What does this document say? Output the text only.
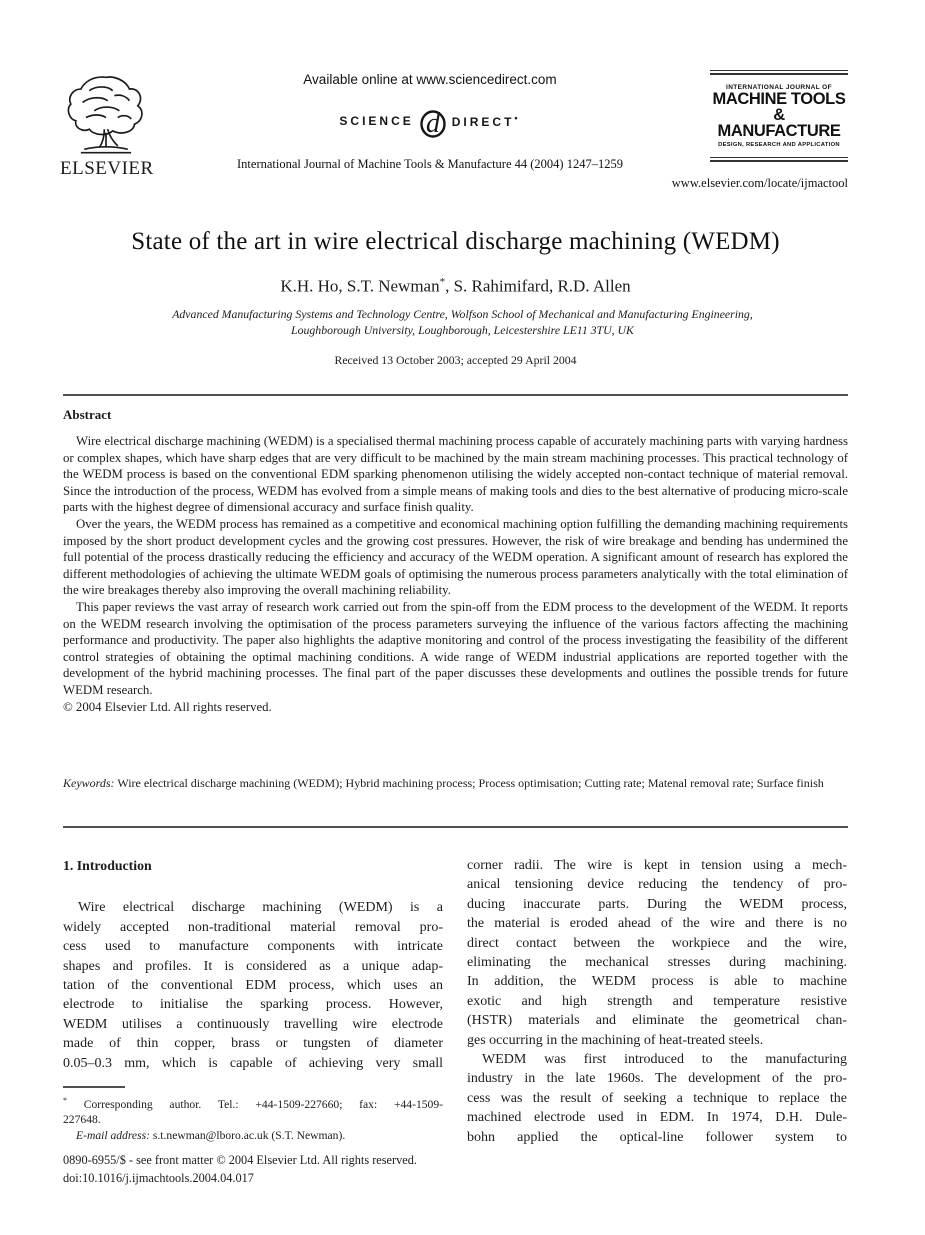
ELSEVIER
Available online at www.sciencedirect.com
SCIENCE d DIRECT•
International Journal of Machine Tools & Manufacture 44 (2004) 1247–1259
INTERNATIONAL JOURNAL OF
MACHINE TOOLS
& MANUFACTURE
DESIGN, RESEARCH AND APPLICATION
www.elsevier.com/locate/ijmactool
State of the art in wire electrical discharge machining (WEDM)
K.H. Ho, S.T. Newman*, S. Rahimifard, R.D. Allen
Advanced Manufacturing Systems and Technology Centre, Wolfson School of Mechanical and Manufacturing Engineering,
Loughborough University, Loughborough, Leicestershire LE11 3TU, UK
Received 13 October 2003; accepted 29 April 2004
Abstract

Wire electrical discharge machining (WEDM) is a specialised thermal machining process capable of accurately machining parts with varying hardness or complex shapes, which have sharp edges that are very difficult to be machined by the main stream machining processes. This practical technology of the WEDM process is based on the conventional EDM sparking phenomenon utilising the widely accepted non-contact technique of material removal. Since the introduction of the process, WEDM has evolved from a simple means of making tools and dies to the best alternative of producing micro-scale parts with the highest degree of dimensional accuracy and surface finish quality.

Over the years, the WEDM process has remained as a competitive and economical machining option fulfilling the demanding machining requirements imposed by the short product development cycles and the growing cost pressures. However, the risk of wire breakage and bending has undermined the full potential of the process drastically reducing the efficiency and accuracy of the WEDM operation. A significant amount of research has explored the different methodologies of achieving the ultimate WEDM goals of optimising the numerous process parameters analytically with the total elimination of the wire breakages thereby also improving the overall machining reliability.

This paper reviews the vast array of research work carried out from the spin-off from the EDM process to the development of the WEDM. It reports on the WEDM research involving the optimisation of the process parameters surveying the influence of the various factors affecting the machining performance and productivity. The paper also highlights the adaptive monitoring and control of the process investigating the feasibility of the different control strategies of obtaining the optimal machining conditions. A wide range of WEDM industrial applications are reported together with the development of the hybrid machining processes. The final part of the paper discusses these developments and outlines the possible trends for future WEDM research.

© 2004 Elsevier Ltd. All rights reserved.
Keywords: Wire electrical discharge machining (WEDM); Hybrid machining process; Process optimisation; Cutting rate; Matenal removal rate; Surface finish
1. Introduction
Wire electrical discharge machining (WEDM) is a
widely accepted non-traditional material removal pro-
cess used to manufacture components with intricate
shapes and profiles. It is considered as a unique adap-
tation of the conventional EDM process, which uses an
electrode to initialise the sparking process. However,
WEDM utilises a continuously travelling wire electrode
made of thin copper, brass or tungsten of diameter
0.05–0.3 mm, which is capable of achieving very small
corner radii. The wire is kept in tension using a mech-
anical tensioning device reducing the tendency of pro-
ducing inaccurate parts. During the WEDM process,
the material is eroded ahead of the wire and there is no
direct contact between the workpiece and the wire,
eliminating the mechanical stresses during machining.
In addition, the WEDM process is able to machine
exotic and high strength and temperature resistive
(HSTR) materials and eliminate the geometrical chan-
ges occurring in the machining of heat-treated steels.
WEDM was first introduced to the manufacturing
industry in the late 1960s. The development of the pro-
cess was the result of seeking a technique to replace the
machined electrode used in EDM. In 1974, D.H. Dule-
bohn applied the optical-line follower system to
* Corresponding author. Tel.: +44-1509-227660; fax: +44-1509-
227648.
E-mail address: s.t.newman@lboro.ac.uk (S.T. Newman).
0890-6955/$ - see front matter © 2004 Elsevier Ltd. All rights reserved.
doi:10.1016/j.ijmachtools.2004.04.017
